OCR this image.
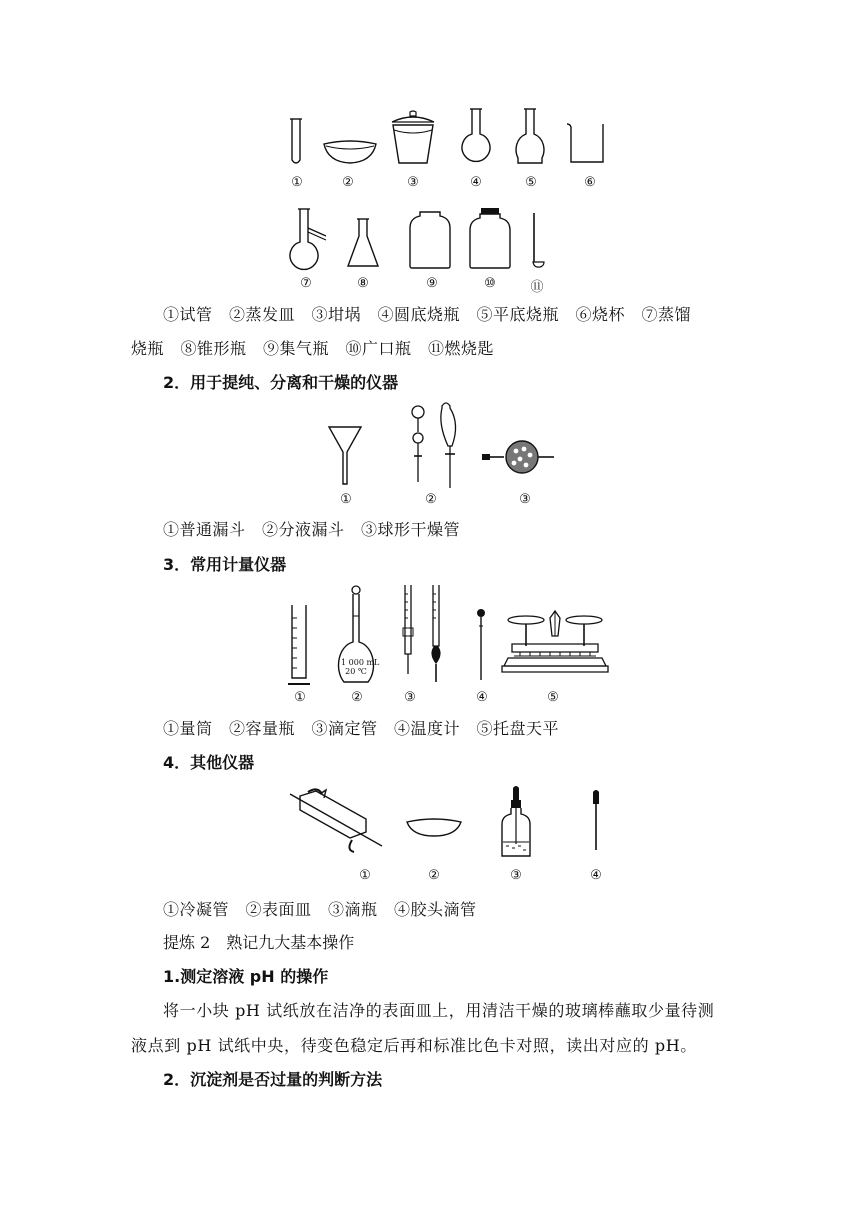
①	②	③	④	⑤	⑥
⑦	⑧	⑨	⑩	⑪
①试管　②蒸发皿　③坩埚　④圆底烧瓶　⑤平底烧瓶　⑥烧杯　⑦蒸馏
烧瓶　⑧锥形瓶　⑨集气瓶　⑩广口瓶　⑪燃烧匙
2．用于提纯、分离和干燥的仪器
①	②	③
①普通漏斗　②分液漏斗　③球形干燥管
3．常用计量仪器
1 000 mL
20 ℃
①	②	③	④	⑤
①量筒　②容量瓶　③滴定管　④温度计　⑤托盘天平
4．其他仪器
①	②	③	④
①冷凝管　②表面皿　③滴瓶　④胶头滴管
提炼 2　熟记九大基本操作
1.测定溶液 pH 的操作
将一小块 pH 试纸放在洁净的表面皿上，用清洁干燥的玻璃棒蘸取少量待测
液点到 pH 试纸中央，待变色稳定后再和标准比色卡对照，读出对应的 pH。
2．沉淀剂是否过量的判断方法
